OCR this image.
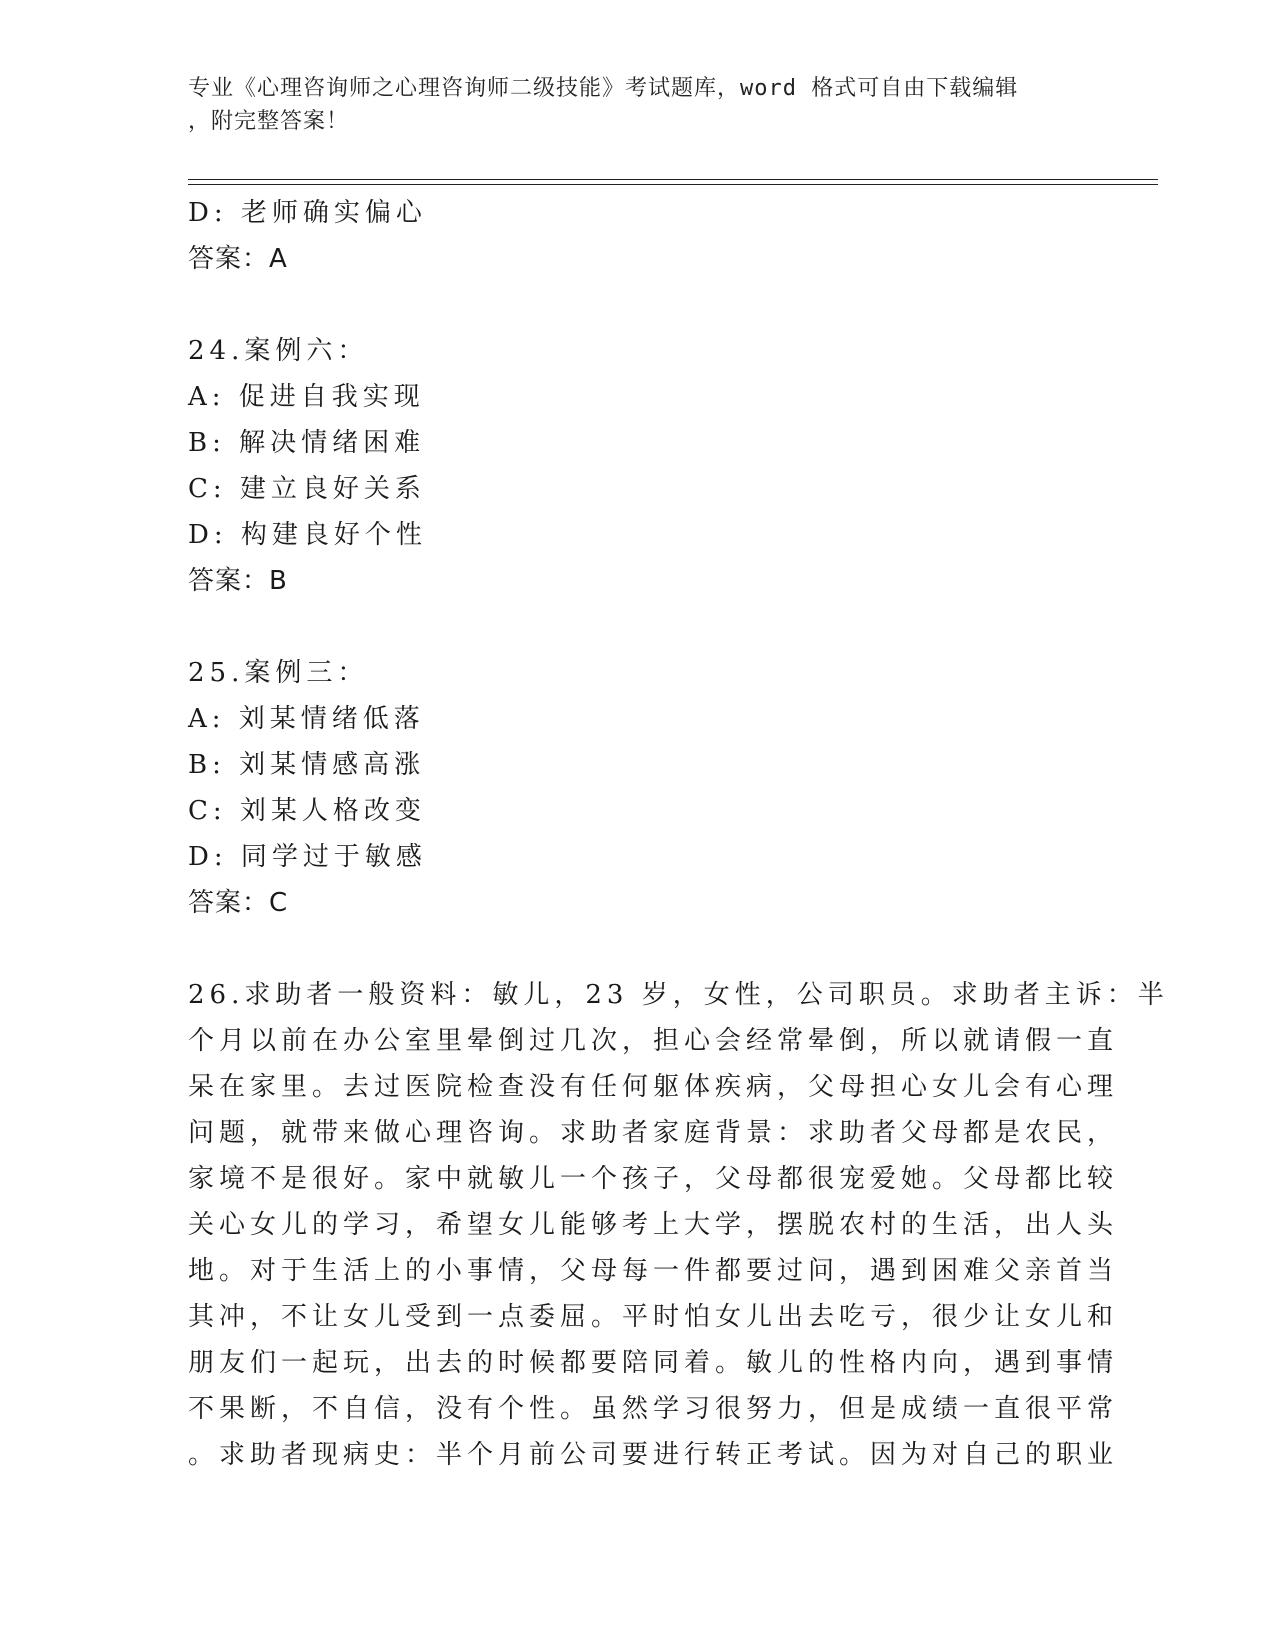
专业《心理咨询师之心理咨询师二级技能》考试题库，word 格式可自由下载编辑
，附完整答案！
D: 老师确实偏心
答案：A
24.案例六：
A: 促进自我实现
B: 解决情绪困难
C: 建立良好关系
D: 构建良好个性
答案：B
25.案例三：
A: 刘某情绪低落
B: 刘某情感高涨
C: 刘某人格改变
D: 同学过于敏感
答案：C
26.求助者一般资料：敏儿，23 岁，女性，公司职员。求助者主诉：半
个月以前在办公室里晕倒过几次，担心会经常晕倒，所以就请假一直
呆在家里。去过医院检查没有任何躯体疾病，父母担心女儿会有心理
问题，就带来做心理咨询。求助者家庭背景：求助者父母都是农民，
家境不是很好。家中就敏儿一个孩子，父母都很宠爱她。父母都比较
关心女儿的学习，希望女儿能够考上大学，摆脱农村的生活，出人头
地。对于生活上的小事情，父母每一件都要过问，遇到困难父亲首当
其冲，不让女儿受到一点委屈。平时怕女儿出去吃亏，很少让女儿和
朋友们一起玩，出去的时候都要陪同着。敏儿的性格内向，遇到事情
不果断，不自信，没有个性。虽然学习很努力，但是成绩一直很平常
。求助者现病史：半个月前公司要进行转正考试。因为对自己的职业
